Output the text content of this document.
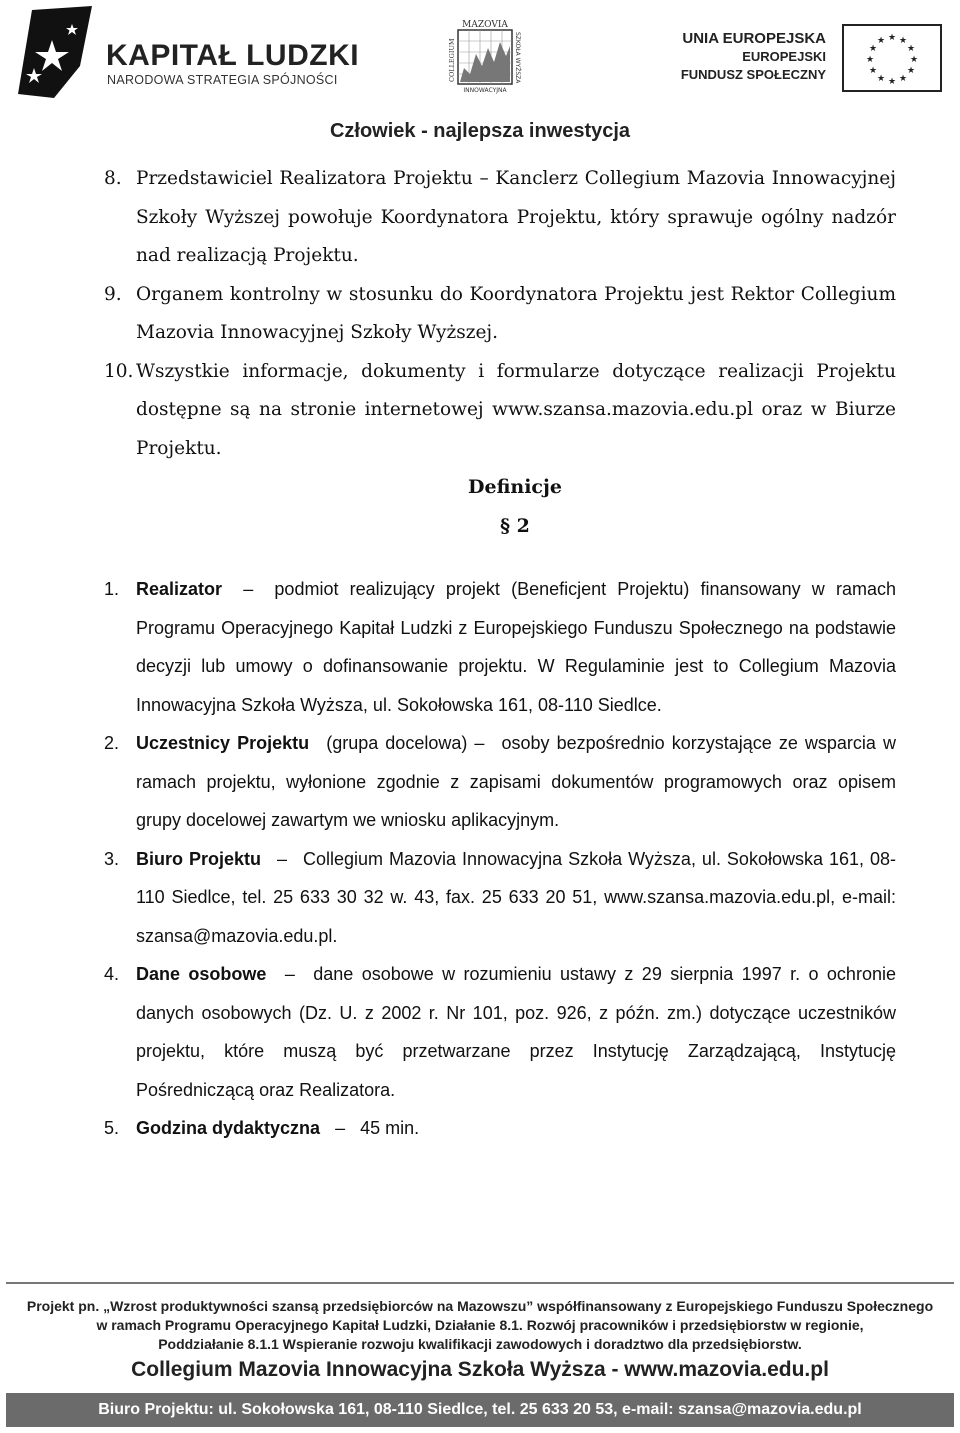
KAPITAŁ LUDZKI
NARODOWA STRATEGIA SPÓJNOŚCI
MAZOVIA
INNOWACYJNA
COLLEGIUM	SZKOŁA WYŻSZA	UNIA EUROPEJSKA
EUROPEJSKI
FUNDUSZ SPOŁECZNY
★ ★
★
★
★
★
★
★
★
★
★
★
Człowiek - najlepsza inwestycja
8. Przedstawiciel Realizatora Projektu – Kanclerz Collegium Mazovia Innowacyjnej Szkoły Wyższej powołuje Koordynatora Projektu, który sprawuje ogólny nadzór nad realizacją Projektu.
9. Organem kontrolny w stosunku do Koordynatora Projektu jest Rektor Collegium Mazovia Innowacyjnej Szkoły Wyższej.
10. Wszystkie informacje, dokumenty i formularze dotyczące realizacji Projektu dostępne są na stronie internetowej www.szansa.mazovia.edu.pl oraz w Biurze Projektu.
Definicje
§ 2
1. Realizator – podmiot realizujący projekt (Beneficjent Projektu) finansowany w ramach Programu Operacyjnego Kapitał Ludzki z Europejskiego Funduszu Społecznego na podstawie decyzji lub umowy o dofinansowanie projektu. W Regulaminie jest to Collegium Mazovia Innowacyjna Szkoła Wyższa, ul. Sokołowska 161, 08-110 Siedlce.
2. Uczestnicy Projektu (grupa docelowa) – osoby bezpośrednio korzystające ze wsparcia w ramach projektu, wyłonione zgodnie z zapisami dokumentów programowych oraz opisem grupy docelowej zawartym we wniosku aplikacyjnym.
3. Biuro Projektu – Collegium Mazovia Innowacyjna Szkoła Wyższa, ul. Sokołowska 161, 08-110 Siedlce, tel. 25 633 30 32 w. 43, fax. 25 633 20 51, www.szansa.mazovia.edu.pl, e-mail: szansa@mazovia.edu.pl.
4. Dane osobowe – dane osobowe w rozumieniu ustawy z 29 sierpnia 1997 r. o ochronie danych osobowych (Dz. U. z 2002 r. Nr 101, poz. 926, z późn. zm.) dotyczące uczestników projektu, które muszą być przetwarzane przez Instytucję Zarządzającą, Instytucję Pośredniczącą oraz Realizatora.
5. Godzina dydaktyczna – 45 min.
Projekt pn. „Wzrost produktywności szansą przedsiębiorców na Mazowszu” współfinansowany z Europejskiego Funduszu Społecznego
w ramach Programu Operacyjnego Kapitał Ludzki, Działanie 8.1. Rozwój pracowników i przedsiębiorstw w regionie,
Poddziałanie 8.1.1 Wspieranie rozwoju kwalifikacji zawodowych i doradztwo dla przedsiębiorstw.
Collegium Mazovia Innowacyjna Szkoła Wyższa - www.mazovia.edu.pl
Biuro Projektu: ul. Sokołowska 161, 08-110 Siedlce, tel. 25 633 20 53, e-mail: szansa@mazovia.edu.pl
